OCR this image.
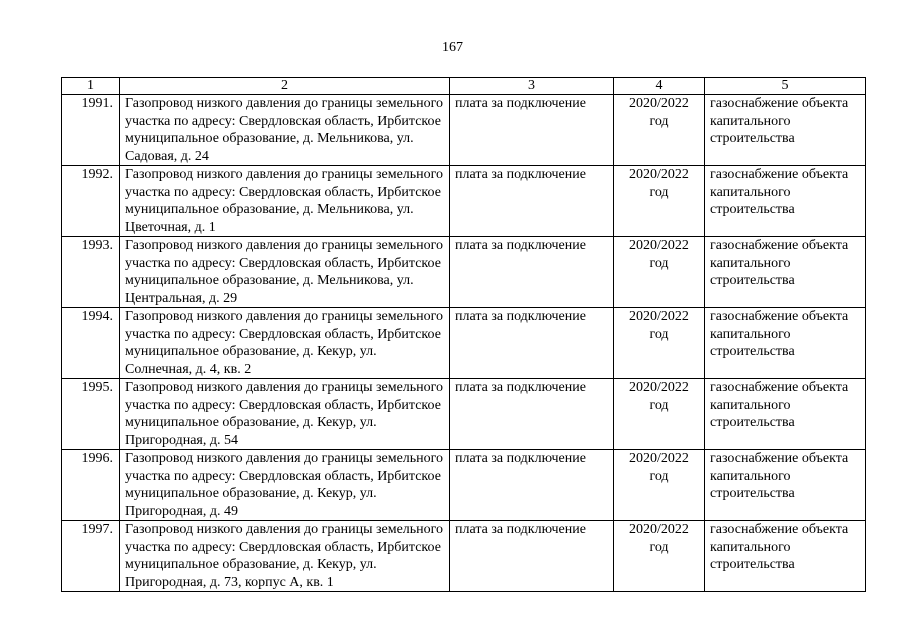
167
1	2	3	4	5
1991.	Газопровод низкого давления до границы земельного участка по адресу: Свердловская область, Ирбитское муниципальное образование, д. Мельникова, ул. Садовая, д. 24	плата за подключение	2020/2022 год	газоснабжение объекта капитального строительства
1992.	Газопровод низкого давления до границы земельного участка по адресу: Свердловская область, Ирбитское муниципальное образование, д. Мельникова, ул. Цветочная, д. 1	плата за подключение	2020/2022 год	газоснабжение объекта капитального строительства
1993.	Газопровод низкого давления до границы земельного участка по адресу: Свердловская область, Ирбитское муниципальное образование, д. Мельникова, ул. Центральная, д. 29	плата за подключение	2020/2022 год	газоснабжение объекта капитального строительства
1994.	Газопровод низкого давления до границы земельного участка по адресу: Свердловская область, Ирбитское муниципальное образование, д. Кекур, ул. Солнечная, д. 4, кв. 2	плата за подключение	2020/2022 год	газоснабжение объекта капитального строительства
1995.	Газопровод низкого давления до границы земельного участка по адресу: Свердловская область, Ирбитское муниципальное образование, д. Кекур, ул. Пригородная, д. 54	плата за подключение	2020/2022 год	газоснабжение объекта капитального строительства
1996.	Газопровод низкого давления до границы земельного участка по адресу: Свердловская область, Ирбитское муниципальное образование, д. Кекур, ул. Пригородная, д. 49	плата за подключение	2020/2022 год	газоснабжение объекта капитального строительства
1997.	Газопровод низкого давления до границы земельного участка по адресу: Свердловская область, Ирбитское муниципальное образование, д. Кекур, ул. Пригородная, д. 73, корпус А, кв. 1	плата за подключение	2020/2022 год	газоснабжение объекта капитального строительства
